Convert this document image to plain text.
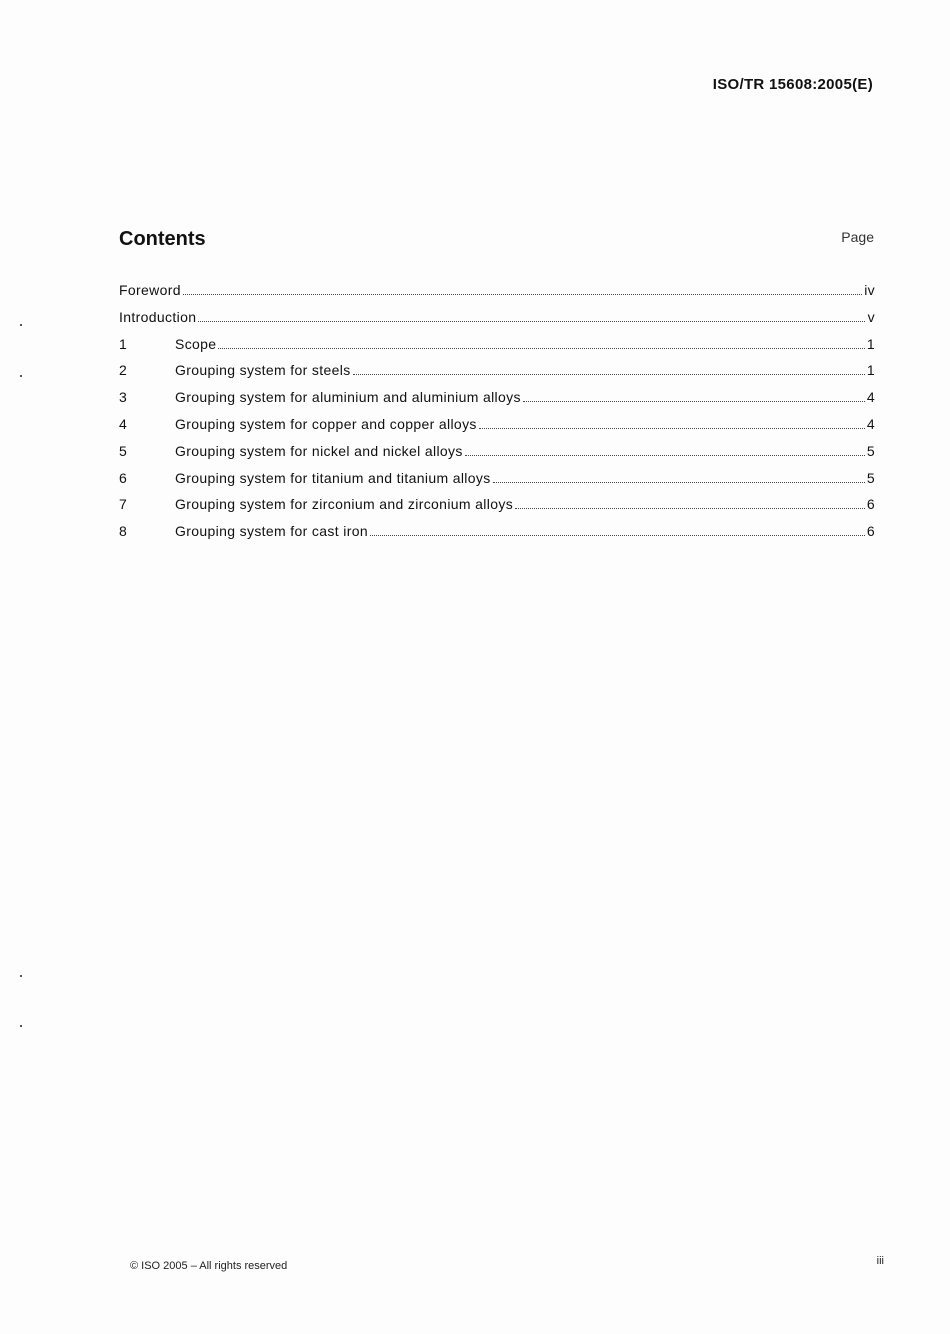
ISO/TR 15608:2005(E)
Contents	Page
Foreword	iv
Introduction	v
1	Scope	1
2	Grouping system for steels	1
3	Grouping system for aluminium and aluminium alloys	4
4	Grouping system for copper and copper alloys	4
5	Grouping system for nickel and nickel alloys	5
6	Grouping system for titanium and titanium alloys	5
7	Grouping system for zirconium and zirconium alloys	6
8	Grouping system for cast iron	6
© ISO 2005 – All rights reserved	iii
